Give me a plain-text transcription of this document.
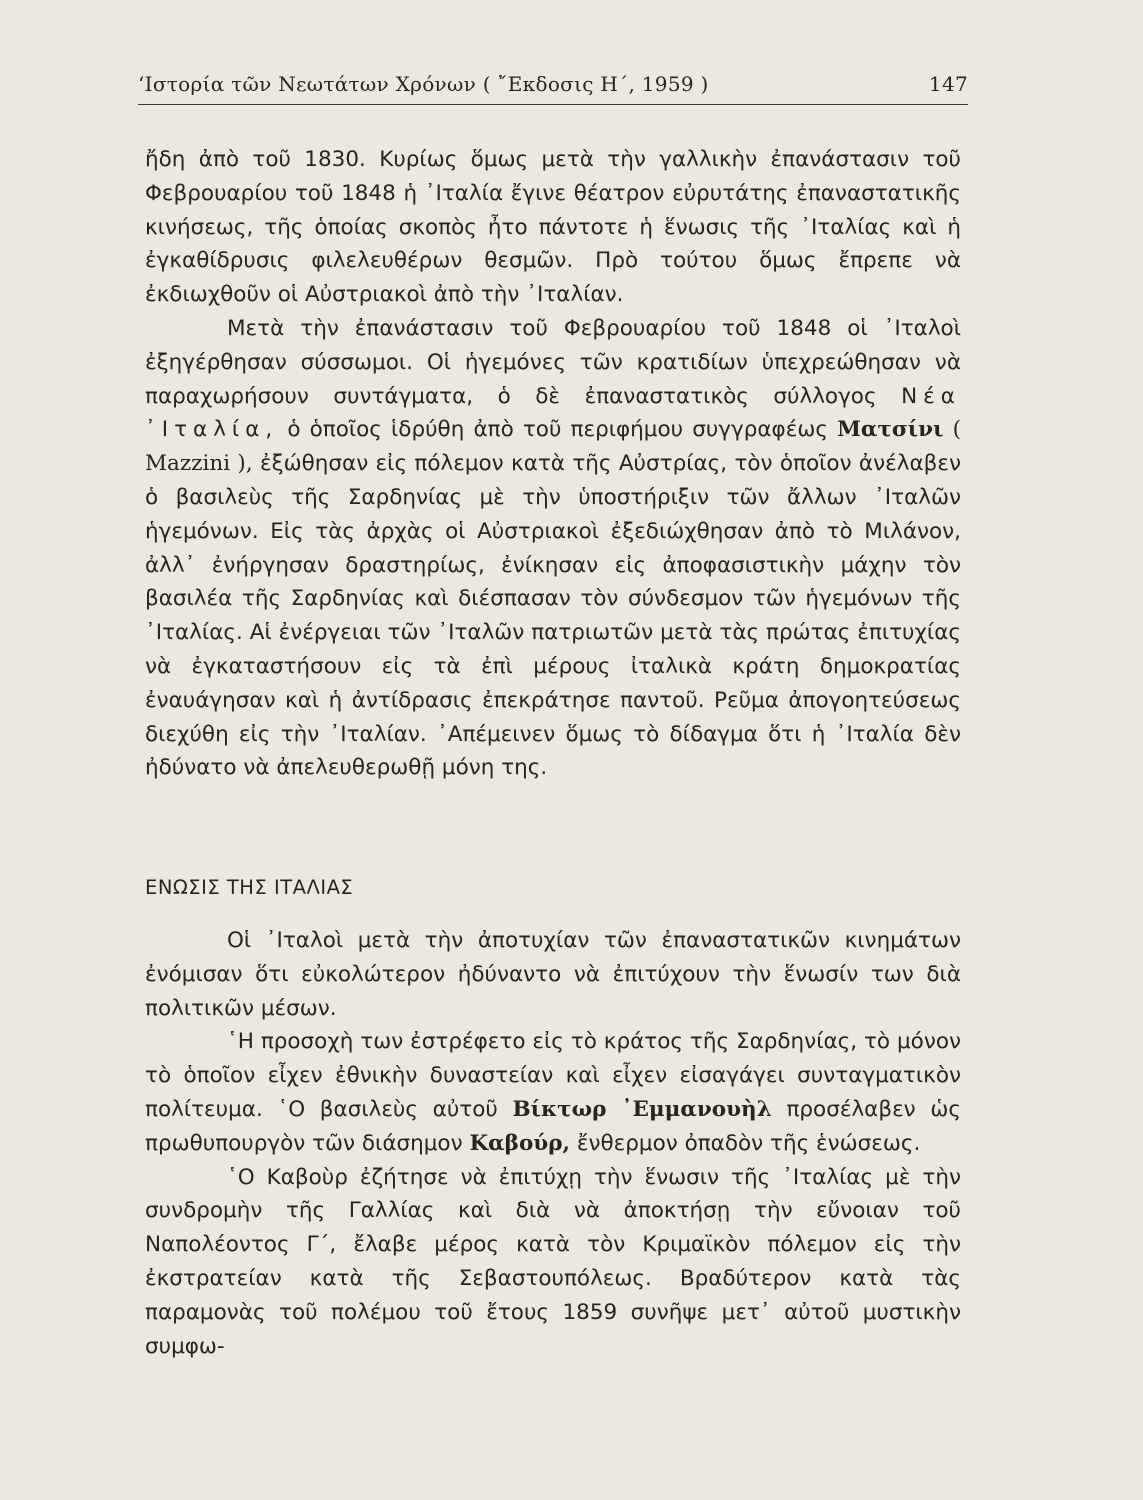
‘Ιστορία τῶν Νεωτάτων Χρόνων ( ῎Εκδοσις Η΄, 1959 )	147

ἤδη ἀπὸ τοῦ 1830. Κυρίως ὅμως μετὰ τὴν γαλλικὴν ἐπανάστασιν τοῦ Φεβρουαρίου τοῦ 1848 ἡ ᾿Ιταλία ἔγινε θέατρον εὐρυτάτης ἐπαναστατικῆς κινήσεως, τῆς ὁποίας σκοπὸς ἦτο πάντοτε ἡ ἕνωσις τῆς ᾿Ιταλίας καὶ ἡ ἐγκαθίδρυσις φιλελευθέρων θεσμῶν. Πρὸ τούτου ὅμως ἔπρεπε νὰ ἐκδιωχθοῦν οἱ Αὐστριακοὶ ἀπὸ τὴν ᾿Ιταλίαν.

Μετὰ τὴν ἐπανάστασιν τοῦ Φεβρουαρίου τοῦ 1848 οἱ ᾿Ιταλοὶ ἐξηγέρθησαν σύσσωμοι. Οἱ ἡγεμόνες τῶν κρατιδίων ὑπεχρεώθησαν νὰ παραχωρήσουν συντάγματα, ὁ δὲ ἐπαναστατικὸς σύλλογος Νέα ᾿Ιταλία, ὁ ὁποῖος ἱδρύθη ἀπὸ τοῦ περιφήμου συγγραφέως Ματσίνι ( Mazzini ), ἐξώθησαν εἰς πόλεμον κατὰ τῆς Αὐστρίας, τὸν ὁποῖον ἀνέλαβεν ὁ βασιλεὺς τῆς Σαρδηνίας μὲ τὴν ὑποστήριξιν τῶν ἄλλων ᾿Ιταλῶν ἡγεμόνων. Εἰς τὰς ἀρχὰς οἱ Αὐστριακοὶ ἐξεδιώχθησαν ἀπὸ τὸ Μιλάνον, ἀλλ᾿ ἐνήργησαν δραστηρίως, ἐνίκησαν εἰς ἀποφασιστικὴν μάχην τὸν βασιλέα τῆς Σαρδηνίας καὶ διέσπασαν τὸν σύνδεσμον τῶν ἡγεμόνων τῆς ᾿Ιταλίας. Αἱ ἐνέργειαι τῶν ᾿Ιταλῶν πατριωτῶν μετὰ τὰς πρώτας ἐπιτυχίας νὰ ἐγκαταστήσουν εἰς τὰ ἐπὶ μέρους ἰταλικὰ κράτη δημοκρατίας ἐναυάγησαν καὶ ἡ ἀντίδρασις ἐπεκράτησε παντοῦ. Ρεῦμα ἀπογοητεύσεως διεχύθη εἰς τὴν ᾿Ιταλίαν. ᾿Απέμεινεν ὅμως τὸ δίδαγμα ὅτι ἡ ᾿Ιταλία δὲν ἠδύνατο νὰ ἀπελευθερωθῇ μόνη της.

ΕΝΩΣΙΣ ΤΗΣ ΙΤΑΛΙΑΣ

Οἱ ᾿Ιταλοὶ μετὰ τὴν ἀποτυχίαν τῶν ἐπαναστατικῶν κινημάτων ἐνόμισαν ὅτι εὐκολώτερον ἠδύναντο νὰ ἐπιτύχουν τὴν ἕνωσίν των διὰ πολιτικῶν μέσων.

῾Η προσοχὴ των ἐστρέφετο εἰς τὸ κράτος τῆς Σαρδηνίας, τὸ μόνον τὸ ὁποῖον εἶχεν ἐθνικὴν δυναστείαν καὶ εἶχεν εἰσαγάγει συνταγματικὸν πολίτευμα. ῾Ο βασιλεὺς αὐτοῦ Βίκτωρ ᾿Εμμανουὴλ προσέλαβεν ὡς πρωθυπουργὸν τῶν διάσημον Καβούρ, ἔνθερμον ὀπαδὸν τῆς ἑνώσεως.

῾Ο Καβοὺρ ἐζήτησε νὰ ἐπιτύχῃ τὴν ἕνωσιν τῆς ᾿Ιταλίας μὲ τὴν συνδρομὴν τῆς Γαλλίας καὶ διὰ νὰ ἀποκτήσῃ τὴν εὔνοιαν τοῦ Ναπολέοντος Γ΄, ἔλαβε μέρος κατὰ τὸν Κριμαϊκὸν πόλεμον εἰς τὴν ἐκστρατείαν κατὰ τῆς Σεβαστουπόλεως. Βραδύτερον κατὰ τὰς παραμονὰς τοῦ πολέμου τοῦ ἔτους 1859 συνῆψε μετ᾿ αὐτοῦ μυστικὴν συμφω-
